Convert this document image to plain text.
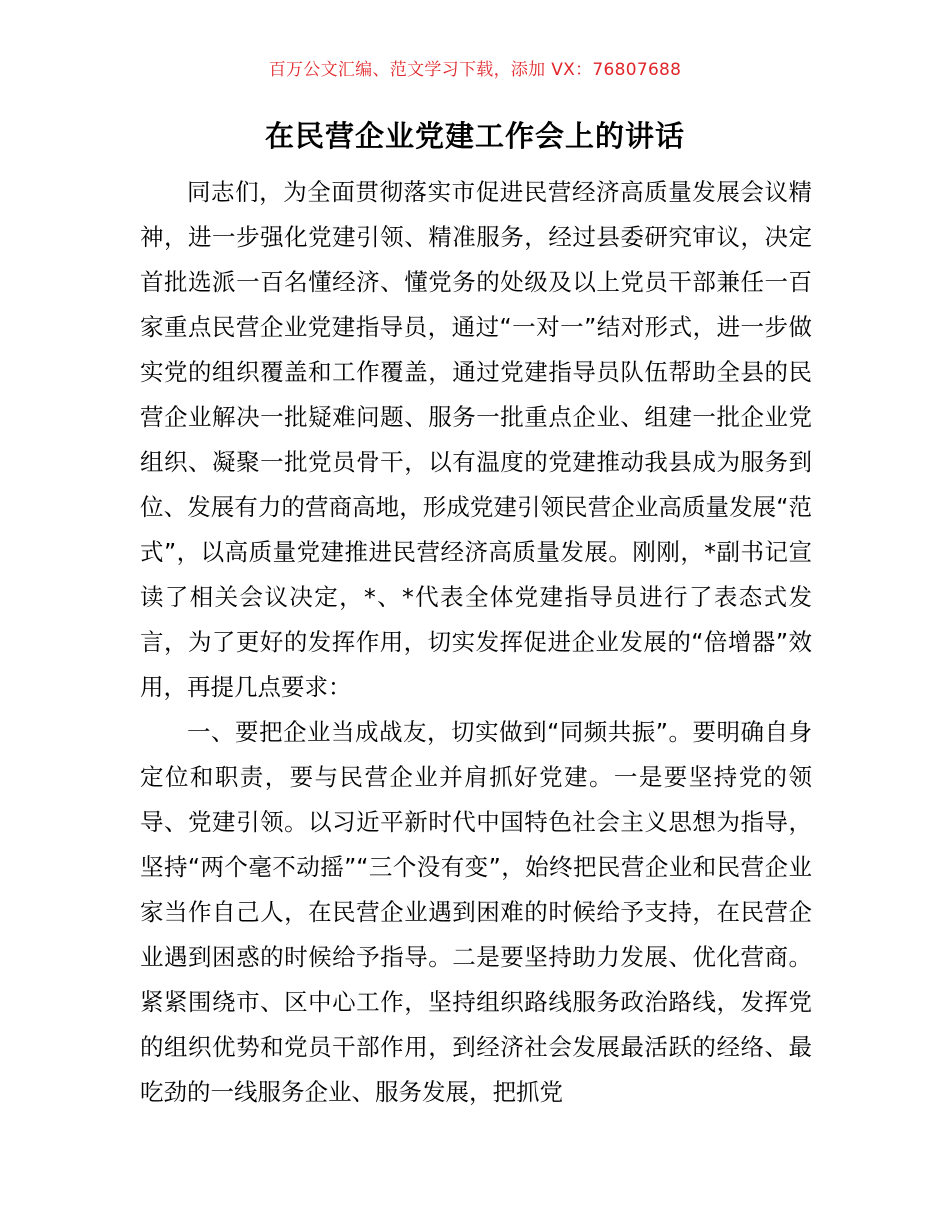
百万公文汇编、范文学习下载，添加 VX：76807688
在民营企业党建工作会上的讲话

同志们，为全面贯彻落实市促进民营经济高质量发展会议精神，进一步强化党建引领、精准服务，经过县委研究审议，决定首批选派一百名懂经济、懂党务的处级及以上党员干部兼任一百家重点民营企业党建指导员，通过“一对一”结对形式，进一步做实党的组织覆盖和工作覆盖，通过党建指导员队伍帮助全县的民营企业解决一批疑难问题、服务一批重点企业、组建一批企业党组织、凝聚一批党员骨干，以有温度的党建推动我县成为服务到位、发展有力的营商高地，形成党建引领民营企业高质量发展“范式”，以高质量党建推进民营经济高质量发展。刚刚，*副书记宣读了相关会议决定，*、*代表全体党建指导员进行了表态式发言，为了更好的发挥作用，切实发挥促进企业发展的“倍增器”效用，再提几点要求：

一、要把企业当成战友，切实做到“同频共振”。要明确自身定位和职责，要与民营企业并肩抓好党建。一是要坚持党的领导、党建引领。以习近平新时代中国特色社会主义思想为指导，坚持“两个毫不动摇”“三个没有变”，始终把民营企业和民营企业家当作自己人，在民营企业遇到困难的时候给予支持，在民营企业遇到困惑的时候给予指导。二是要坚持助力发展、优化营商。紧紧围绕市、区中心工作，坚持组织路线服务政治路线，发挥党的组织优势和党员干部作用，到经济社会发展最活跃的经络、最吃劲的一线服务企业、服务发展，把抓党
